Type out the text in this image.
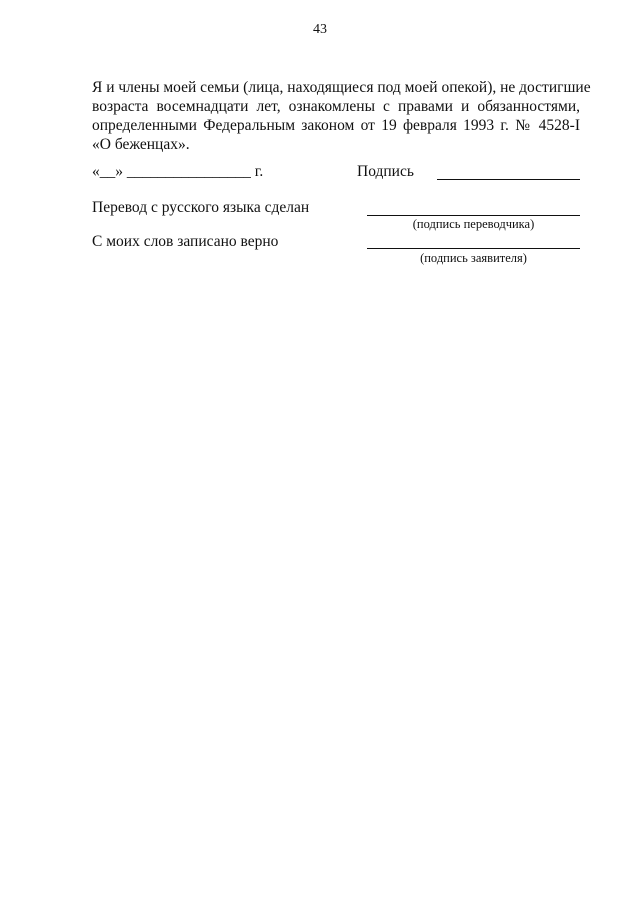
43
Я и члены моей семьи (лица, находящиеся под моей опекой), не достигшие
возраста восемнадцати лет, ознакомлены с правами и обязанностями,
определенными Федеральным законом от 19 февраля 1993 г. № 4528-I
«О беженцах».
«__» ________________ г.	Подпись
Перевод с русского языка сделан
(подпись переводчика)
С моих слов записано верно
(подпись заявителя)
